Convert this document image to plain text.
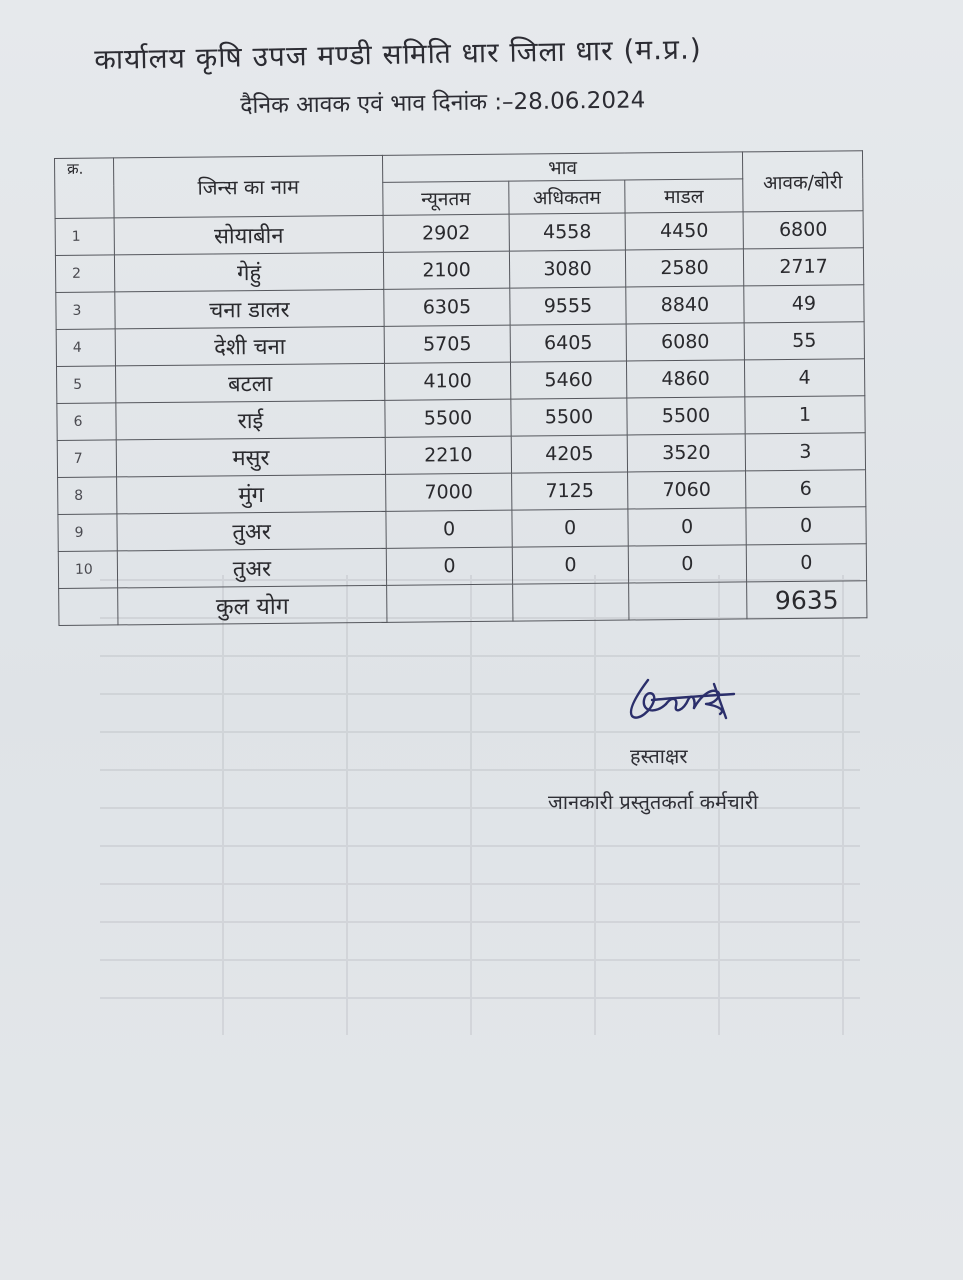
कार्यालय कृषि उपज मण्डी समिति धार जिला धार (म.प्र.)
दैनिक आवक एवं भाव दिनांक :–28.06.2024
क्र.	जिन्स का नाम	भाव			आवक/बोरी
		न्यूनतम	अधिकतम	माडल	
1	सोयाबीन	2902	4558	4450	6800
2	गेहुं	2100	3080	2580	2717
3	चना डालर	6305	9555	8840	49
4	देशी चना	5705	6405	6080	55
5	बटला	4100	5460	4860	4
6	राई	5500	5500	5500	1
7	मसुर	2210	4205	3520	3
8	मुंग	7000	7125	7060	6
9	तुअर	0	0	0	0
10	तुअर	0	0	0	0
	कुल योग				9635
हस्ताक्षर
जानकारी प्रस्तुतकर्ता कर्मचारी
